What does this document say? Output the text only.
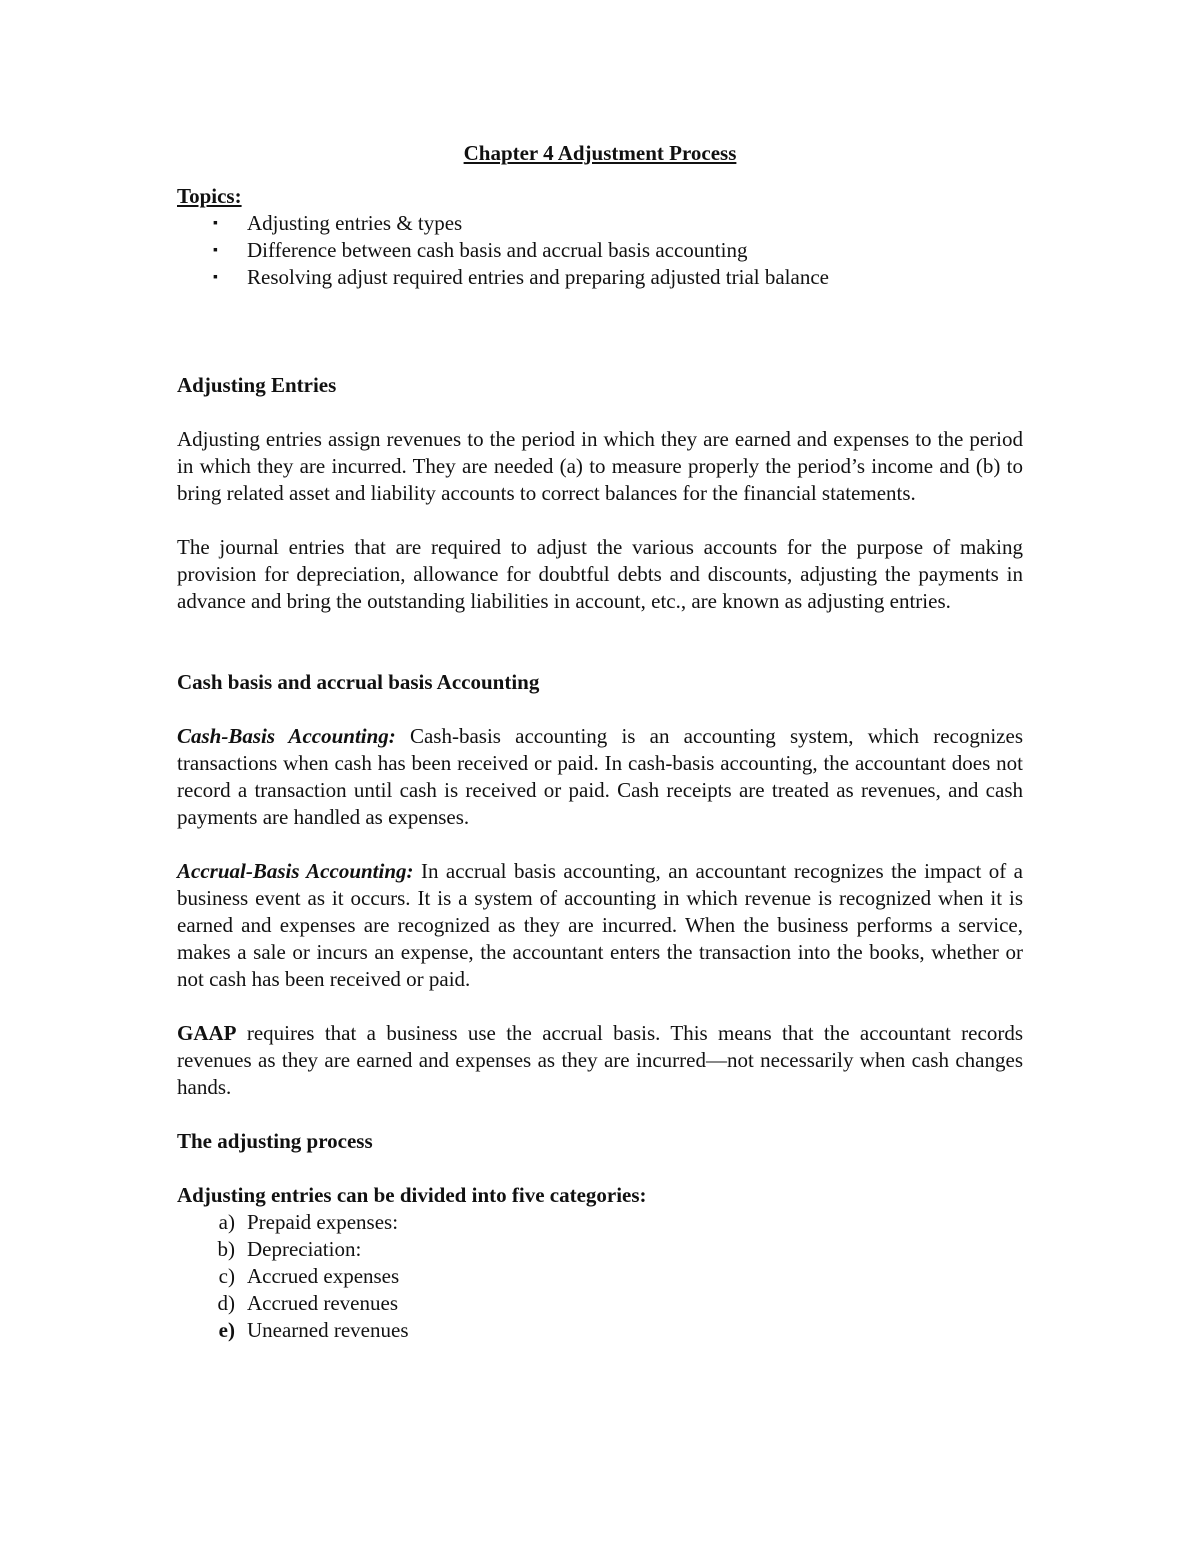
Chapter 4 Adjustment Process
Topics:
▪ Adjusting entries & types
▪ Difference between cash basis and accrual basis accounting
▪ Resolving adjust required entries and preparing adjusted trial balance
Adjusting Entries

Adjusting entries assign revenues to the period in which they are earned and expenses to the period in which they are incurred. They are needed (a) to measure properly the period’s income and (b) to bring related asset and liability accounts to correct balances for the financial statements.

The journal entries that are required to adjust the various accounts for the purpose of making provision for depreciation, allowance for doubtful debts and discounts, adjusting the payments in advance and bring the outstanding liabilities in account, etc., are known as adjusting entries.

Cash basis and accrual basis Accounting

Cash-Basis Accounting: Cash-basis accounting is an accounting system, which recognizes transactions when cash has been received or paid. In cash-basis accounting, the accountant does not record a transaction until cash is received or paid. Cash receipts are treated as revenues, and cash payments are handled as expenses.

Accrual-Basis Accounting: In accrual basis accounting, an accountant recognizes the impact of a business event as it occurs. It is a system of accounting in which revenue is recognized when it is earned and expenses are recognized as they are incurred. When the business performs a service, makes a sale or incurs an expense, the accountant enters the transaction into the books, whether or not cash has been received or paid.

GAAP requires that a business use the accrual basis. This means that the accountant records revenues as they are earned and expenses as they are incurred—not necessarily when cash changes hands.

The adjusting process
Adjusting entries can be divided into five categories:
a) Prepaid expenses:
b) Depreciation:
c) Accrued expenses
d) Accrued revenues
e) Unearned revenues
